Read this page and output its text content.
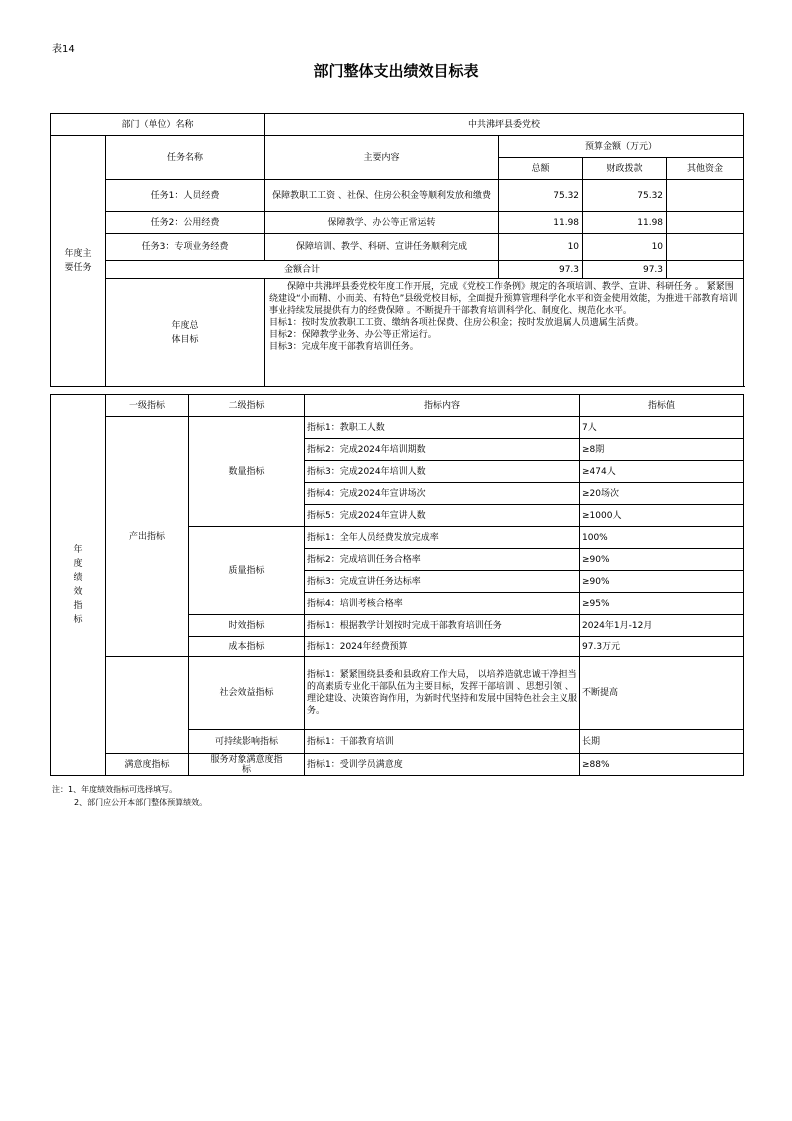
表14
部门整体支出绩效目标表
部门（单位）名称		中共沸坪县委党校			

年度主要任务	任务名称	主要内容	预算金额（万元）		
			总额	财政拨款	其他资金
	任务1：人员经费	保障教职工工资 、社保、住房公积金等顺利发放和缴费	75.32	75.32	
	任务2：公用经费	保障教学、办公等正常运转	11.98	11.98	
	任务3：专项业务经费	保障培训、教学、科研、宣讲任务顺利完成	10	10	
	金额合计		97.3	97.3	

	年度总体目标	保障中共沸坪县委党校年度工作开展，完成《党校工作条例》规定的各项培训、教学、宣讲、科研任务 。 紧紧围绕建设“小而精、小而美、有特色”县级党校目标，全面提升预算管理科学化水平和资金使用效能，为推进干部教育培训事业持续发展提供有力的经费保障 。不断提升干部教育培训科学化、制度化、规范化水平。
目标1：按时发放教职工工资、缴纳各项社保费、住房公积金；按时发放退属人员遗属生活费。
目标2：保障教学业务、办公等正常运行。
目标3：完成年度干部教育培训任务。			
年度绩效指标	一级指标	二级指标	指标内容	指标值
	产出指标	数量指标	指标1：教职工人数	7人
			指标2：完成2024年培训期数	≥8期
			指标3：完成2024年培训人数	≥474人
			指标4：完成2024年宣讲场次	≥20场次
			指标5：完成2024年宣讲人数	≥1000人
		质量指标	指标1：全年人员经费发放完成率	100%
			指标2：完成培训任务合格率	≥90%
			指标3：完成宣讲任务达标率	≥90%
			指标4：培训考核合格率	≥95%
		时效指标	指标1：根据教学计划按时完成干部教育培训任务	2024年1月-12月
		成本指标	指标1：2024年经费预算	97.3万元

		社会效益指标	指标1：紧紧围绕县委和县政府工作大局， 以培养造就忠诚干净担当的高素质专业化干部队伍为主要目标，发挥干部培训 、思想引领 、理论建设、决策咨询作用，为新时代坚持和发展中国特色社会主义服务。	不断提高

		可持续影响指标	指标1：干部教育培训	长期
	满意度指标	服务对象满意度指标	指标1：受训学员满意度	≥88%
注：1、年度绩效指标可选择填写。
2、部门应公开本部门整体预算绩效。
